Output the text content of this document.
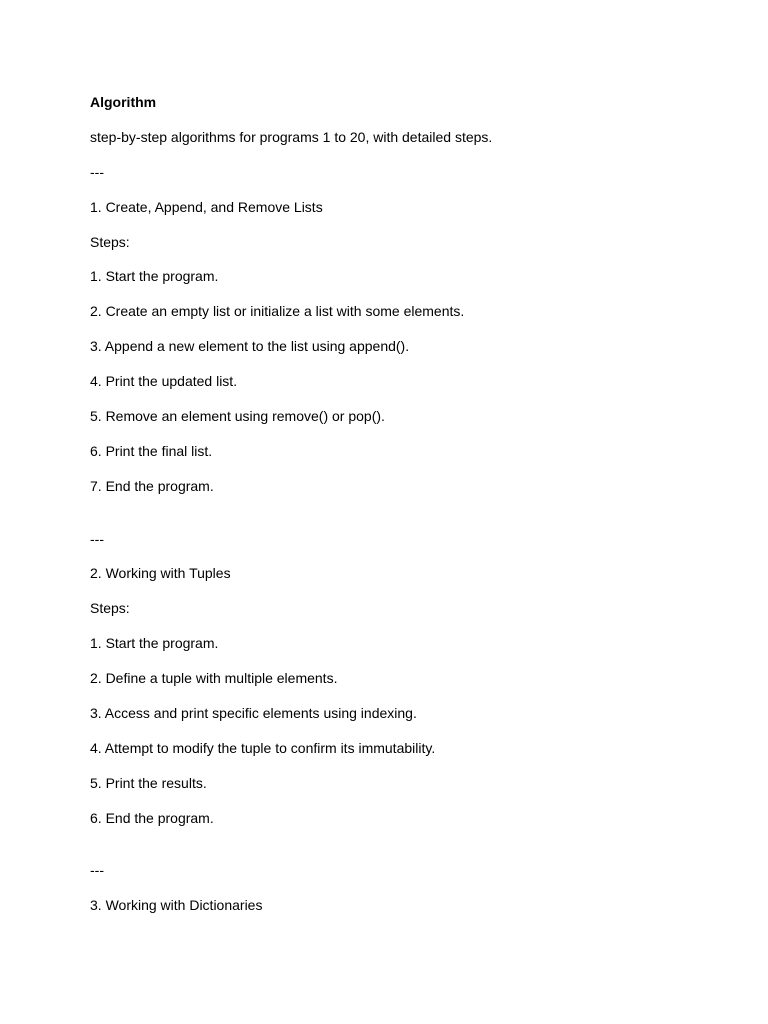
Algorithm
step-by-step algorithms for programs 1 to 20, with detailed steps.
---
1. Create, Append, and Remove Lists
Steps:
1. Start the program.
2. Create an empty list or initialize a list with some elements.
3. Append a new element to the list using append().
4. Print the updated list.
5. Remove an element using remove() or pop().
6. Print the final list.
7. End the program.
---
2. Working with Tuples
Steps:
1. Start the program.
2. Define a tuple with multiple elements.
3. Access and print specific elements using indexing.
4. Attempt to modify the tuple to confirm its immutability.
5. Print the results.
6. End the program.
---
3. Working with Dictionaries
